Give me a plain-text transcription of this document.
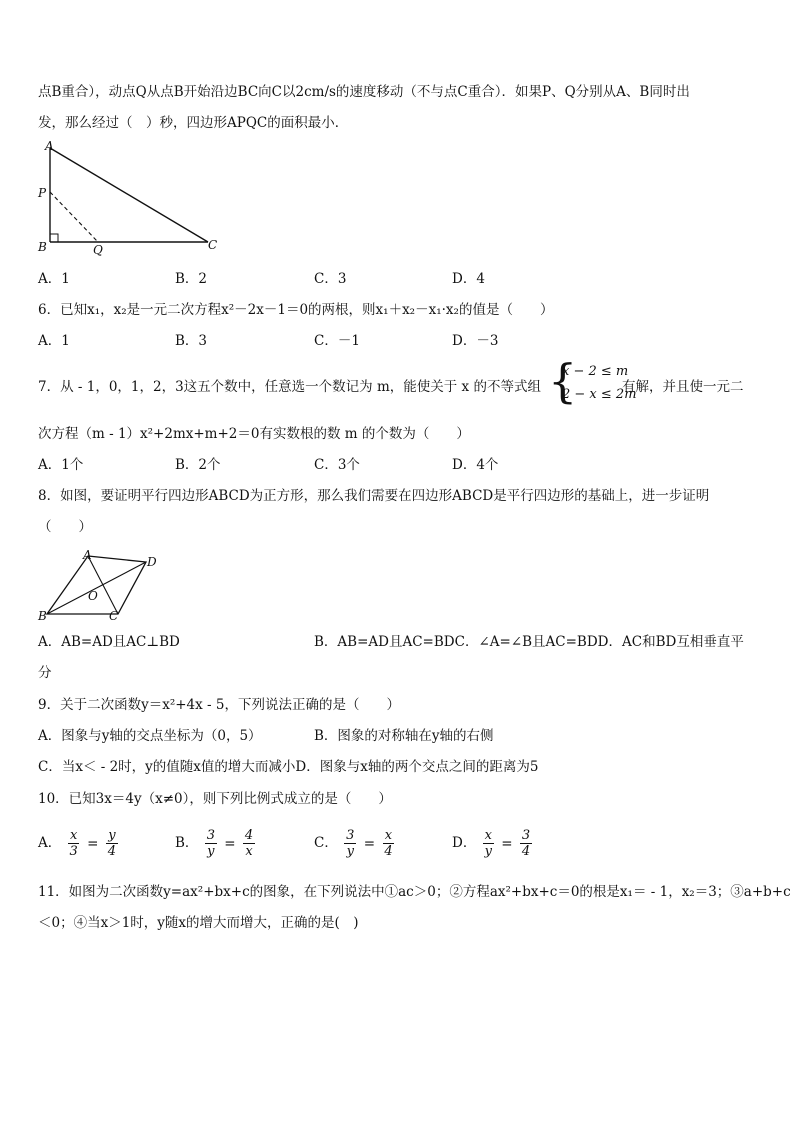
点B重合），动点Q从点B开始沿边BC向C以2cm/s的速度移动（不与点C重合）．如果P、Q分别从A、B同时出
发，那么经过（　）秒，四边形APQC的面积最小．
A
P
B	Q	C
A．1	B．2	C．3	D．4
6．已知x₁，x₂是一元二次方程x²－2x－1＝0的两根，则x₁＋x₂－x₁·x₂的值是（　　）
A．1	B．3	C．－1	D．－3
7．从 - 1，0，1，2，3这五个数中，任意选一个数记为 m，能使关于 x 的不等式组 {
x − 2 ≤ m
2 − x ≤ 2m
有解，并且使一元二
次方程（m - 1）x²+2mx+m+2＝0有实数根的数 m 的个数为（　　）
A．1个	B．2个	C．3个	D．4个
8．如图，要证明平行四边形ABCD为正方形，那么我们需要在四边形ABCD是平行四边形的基础上，进一步证明
（　　）
A	D
B	C
O
A．AB=AD且AC⊥BD	B．AB=AD且AC=BDC．∠A=∠B且AC=BDD．AC和BD互相垂直平
分
9．关于二次函数y＝x²+4x - 5，下列说法正确的是（　　）
A．图象与y轴的交点坐标为（0，5）	B．图象的对称轴在y轴的右侧
C．当x＜ - 2时，y的值随x值的增大而减小D．图象与x轴的两个交点之间的距离为5
10．已知3x＝4y（x≠0），则下列比例式成立的是（　　）
A． $\frac{x}{3} = \frac{y}{4}$	B． $\frac{3}{y} = \frac{4}{x}$	C． $\frac{3}{y} = \frac{x}{4}$	D． $\frac{x}{y} = \frac{3}{4}$
11．如图为二次函数y=ax²+bx+c的图象，在下列说法中①ac＞0；②方程ax²+bx+c＝0的根是x₁＝ - 1，x₂＝3；③a+b+c
＜0；④当x＞1时，y随x的增大而增大，正确的是(　)
